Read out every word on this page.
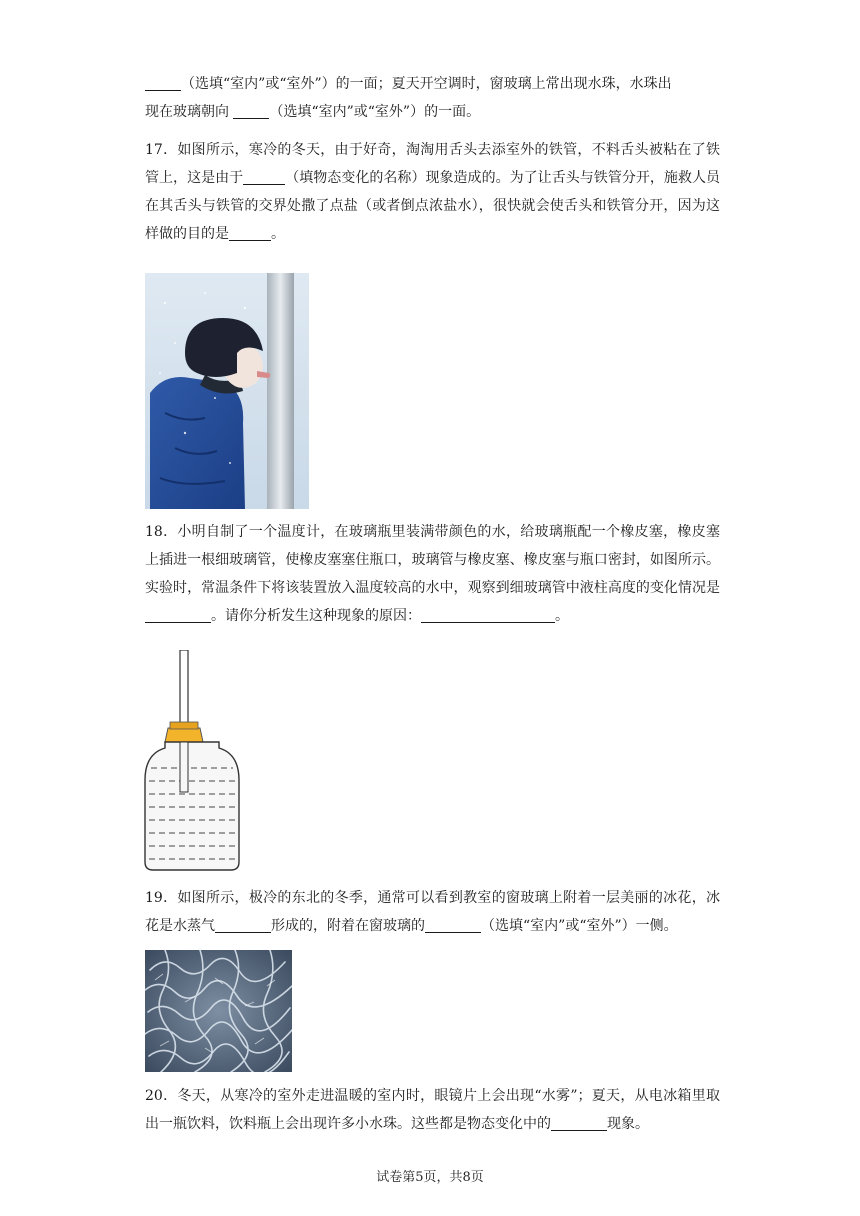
（选填“室内”或“室外”）的一面；夏天开空调时，窗玻璃上常出现水珠，水珠出
现在玻璃朝向	（选填“室内”或“室外”）的一面。
17．如图所示，寒冷的冬天，由于好奇，淘淘用舌头去添室外的铁管，不料舌头被粘在了铁管上，这是由于	（填物态变化的名称）现象造成的。为了让舌头与铁管分开，施救人员在其舌头与铁管的交界处撒了点盐（或者倒点浓盐水），很快就会使舌头和铁管分开，因为这样做的目的是	。
18．小明自制了一个温度计，在玻璃瓶里装满带颜色的水，给玻璃瓶配一个橡皮塞，橡皮塞上插进一根细玻璃管，使橡皮塞塞住瓶口，玻璃管与橡皮塞、橡皮塞与瓶口密封，如图所示。实验时，常温条件下将该装置放入温度较高的水中，观察到细玻璃管中液柱高度的变化情况是。请你分析发生这种现象的原因：	。
19．如图所示，极冷的东北的冬季，通常可以看到教室的窗玻璃上附着一层美丽的冰花，冰花是水蒸气	形成的，附着在窗玻璃的	（选填“室内”或“室外”）一侧。
20．冬天，从寒冷的室外走进温暖的室内时，眼镜片上会出现“水雾”；夏天，从电冰箱里取出一瓶饮料，饮料瓶上会出现许多小水珠。这些都是物态变化中的	现象。
试卷第5页，共8页
